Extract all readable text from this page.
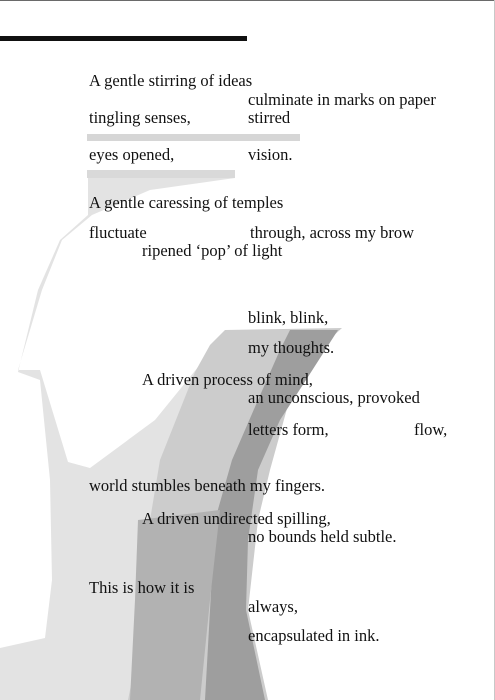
A gentle stirring of ideas

culminate in marks on paper

tingling senses,	stirred

eyes opened,	vision.

A gentle caressing of temples

fluctuate	through, across my brow

ripened ‘pop’ of light

blink, blink,

my thoughts.

A driven process of mind,

an unconscious, provoked

letters form,	flow,

world stumbles beneath my fingers.

A driven undirected spilling,

no bounds held subtle.

This is how it is

always,

encapsulated in ink.
